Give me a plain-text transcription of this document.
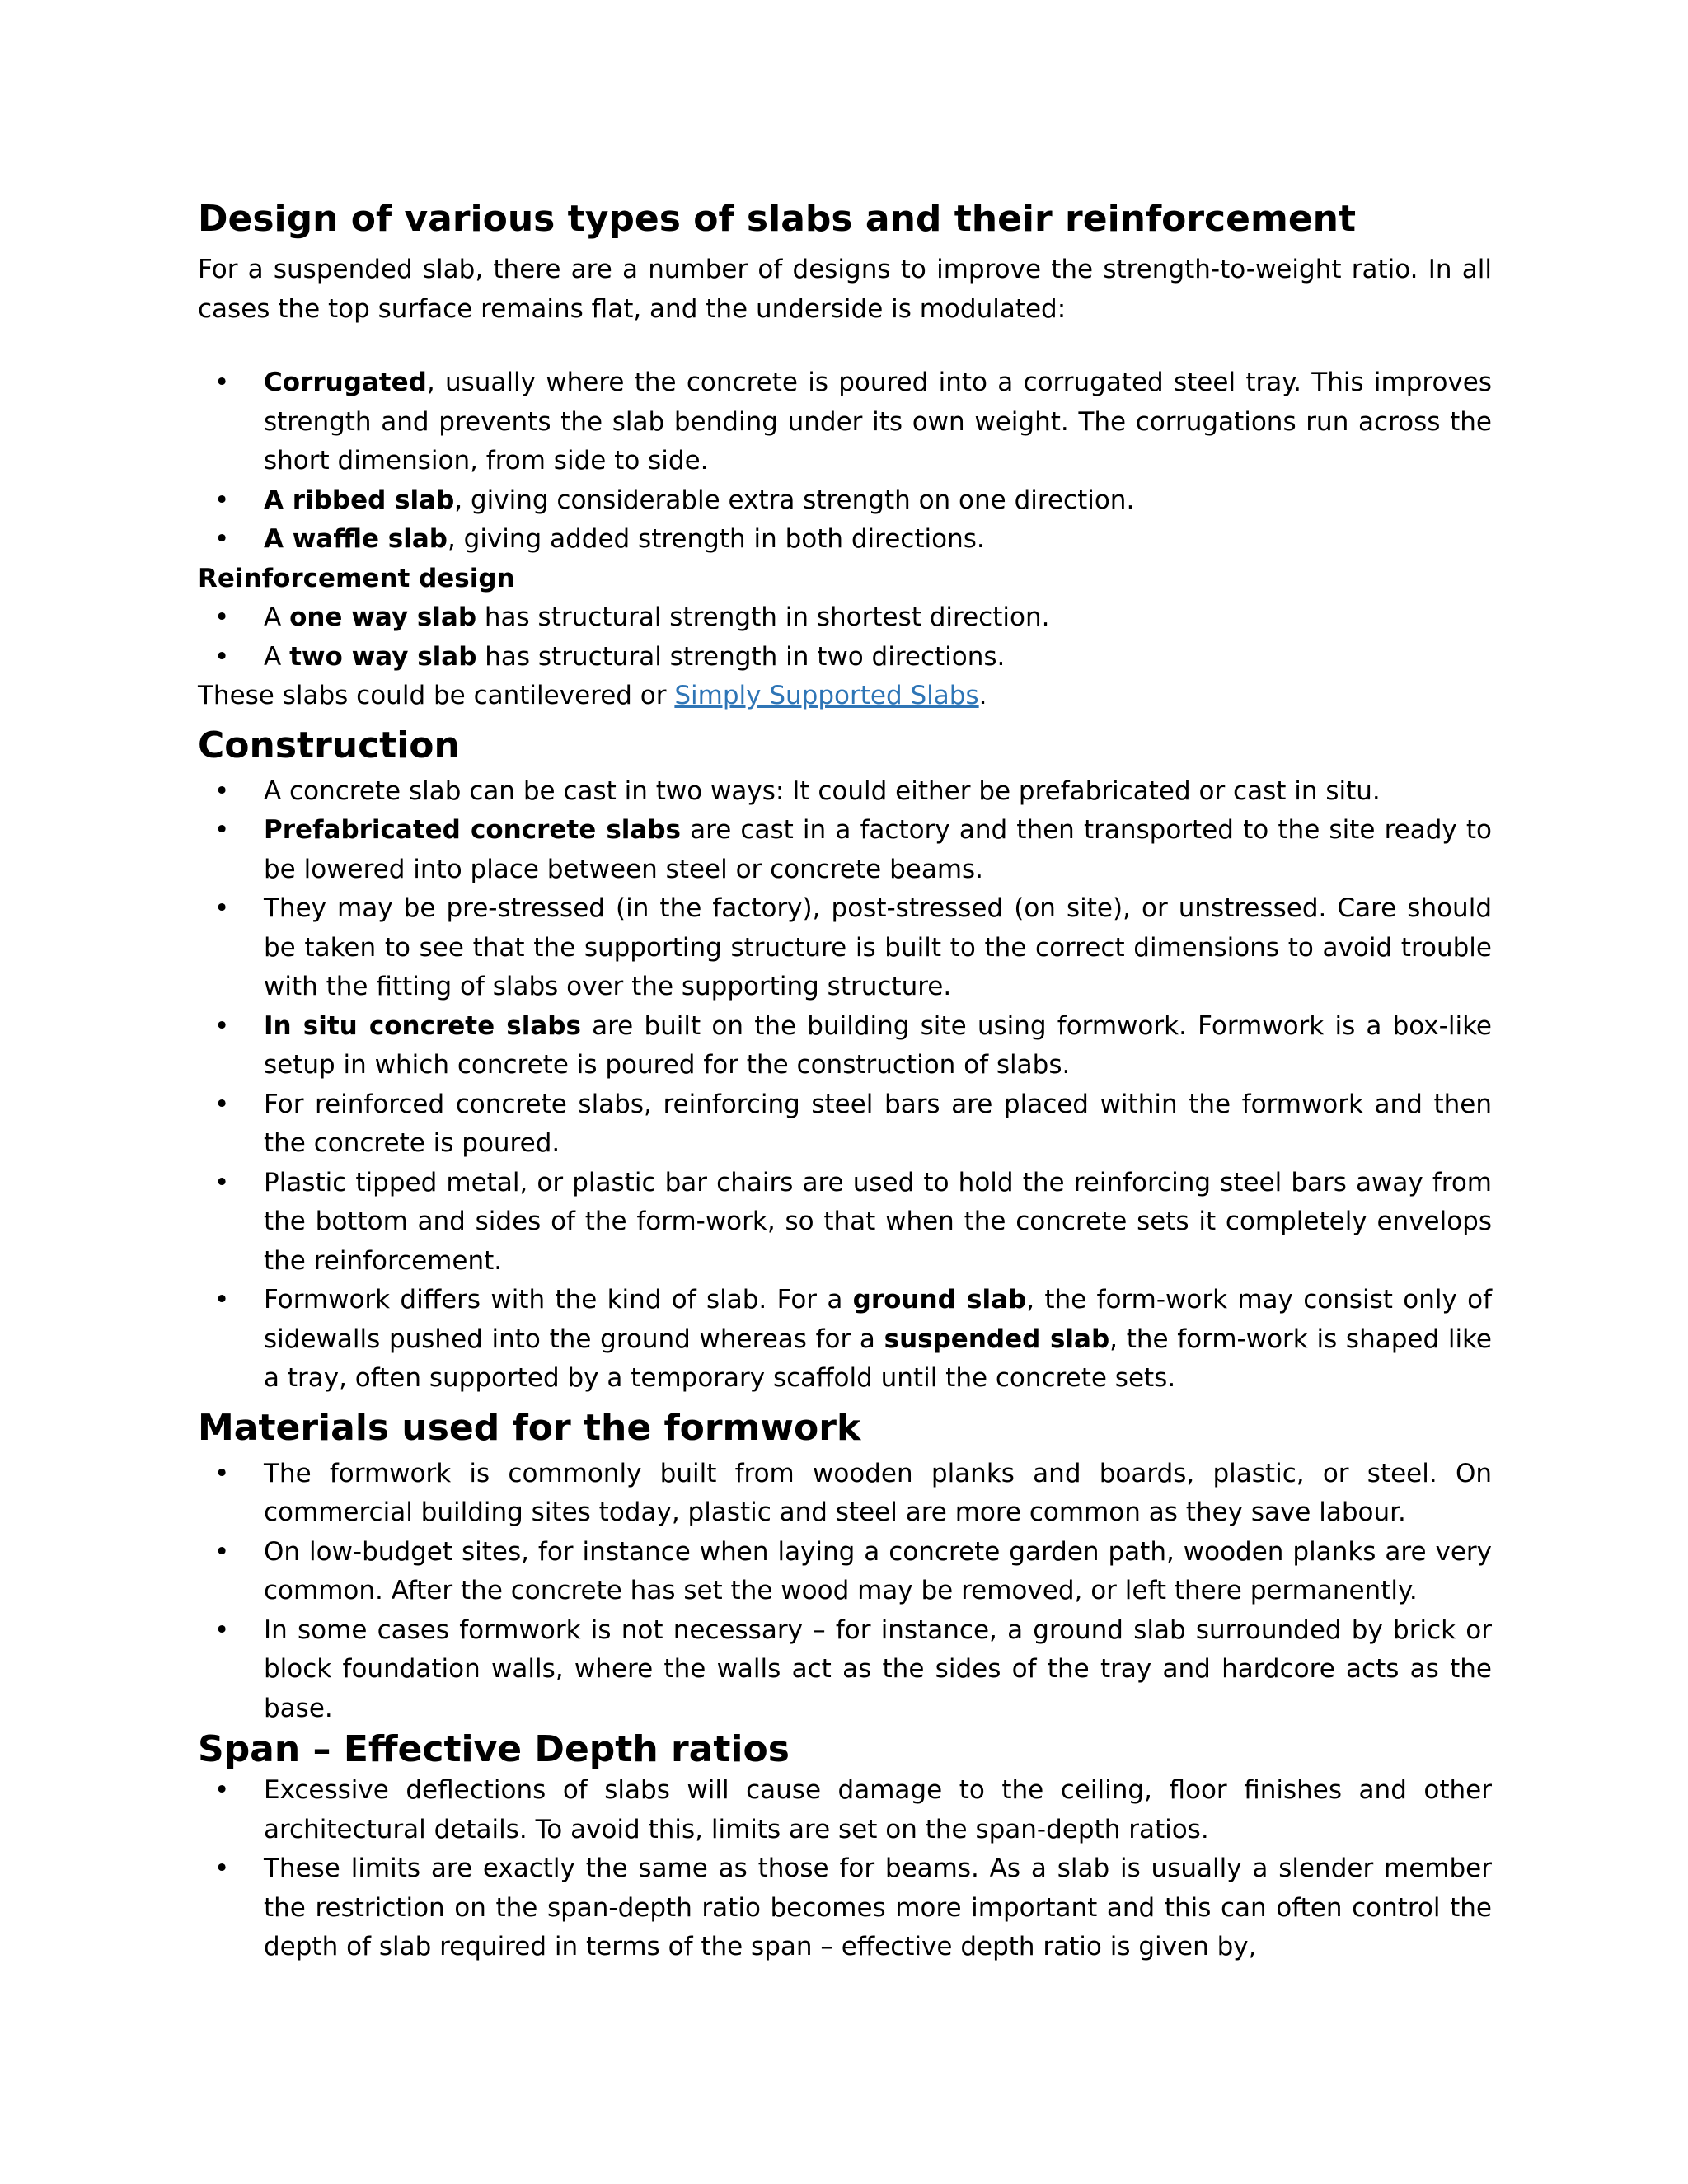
Design of various types of slabs and their reinforcement

For a suspended slab, there are a number of designs to improve the strength-to-weight ratio. In all cases the top surface remains flat, and the underside is modulated:

•	Corrugated, usually where the concrete is poured into a corrugated steel tray. This improves strength and prevents the slab bending under its own weight. The corrugations run across the short dimension, from side to side.
•	A ribbed slab, giving considerable extra strength on one direction.
•	A waffle slab, giving added strength in both directions.
Reinforcement design
•	A one way slab has structural strength in shortest direction.
•	A two way slab has structural strength in two directions.

These slabs could be cantilevered or Simply Supported Slabs.

Construction
•	A concrete slab can be cast in two ways: It could either be prefabricated or cast in situ.
•	Prefabricated concrete slabs are cast in a factory and then transported to the site ready to be lowered into place between steel or concrete beams.
•	They may be pre-stressed (in the factory), post-stressed (on site), or unstressed. Care should be taken to see that the supporting structure is built to the correct dimensions to avoid trouble with the fitting of slabs over the supporting structure.
•	In situ concrete slabs are built on the building site using formwork. Formwork is a box-like setup in which concrete is poured for the construction of slabs.
•	For reinforced concrete slabs, reinforcing steel bars are placed within the formwork and then the concrete is poured.
•	Plastic tipped metal, or plastic bar chairs are used to hold the reinforcing steel bars away from the bottom and sides of the form-work, so that when the concrete sets it completely envelops the reinforcement.
•	Formwork differs with the kind of slab. For a ground slab, the form-work may consist only of sidewalls pushed into the ground whereas for a suspended slab, the form-work is shaped like a tray, often supported by a temporary scaffold until the concrete sets.
Materials used for the formwork
•	The formwork is commonly built from wooden planks and boards, plastic, or steel. On commercial building sites today, plastic and steel are more common as they save labour.
•	On low-budget sites, for instance when laying a concrete garden path, wooden planks are very common. After the concrete has set the wood may be removed, or left there permanently.
•	In some cases formwork is not necessary – for instance, a ground slab surrounded by brick or block foundation walls, where the walls act as the sides of the tray and hardcore acts as the base.
Span – Effective Depth ratios
•	Excessive deflections of slabs will cause damage to the ceiling, floor finishes and other architectural details. To avoid this, limits are set on the span-depth ratios.
•	These limits are exactly the same as those for beams. As a slab is usually a slender member the restriction on the span-depth ratio becomes more important and this can often control the depth of slab required in terms of the span – effective depth ratio is given by,
